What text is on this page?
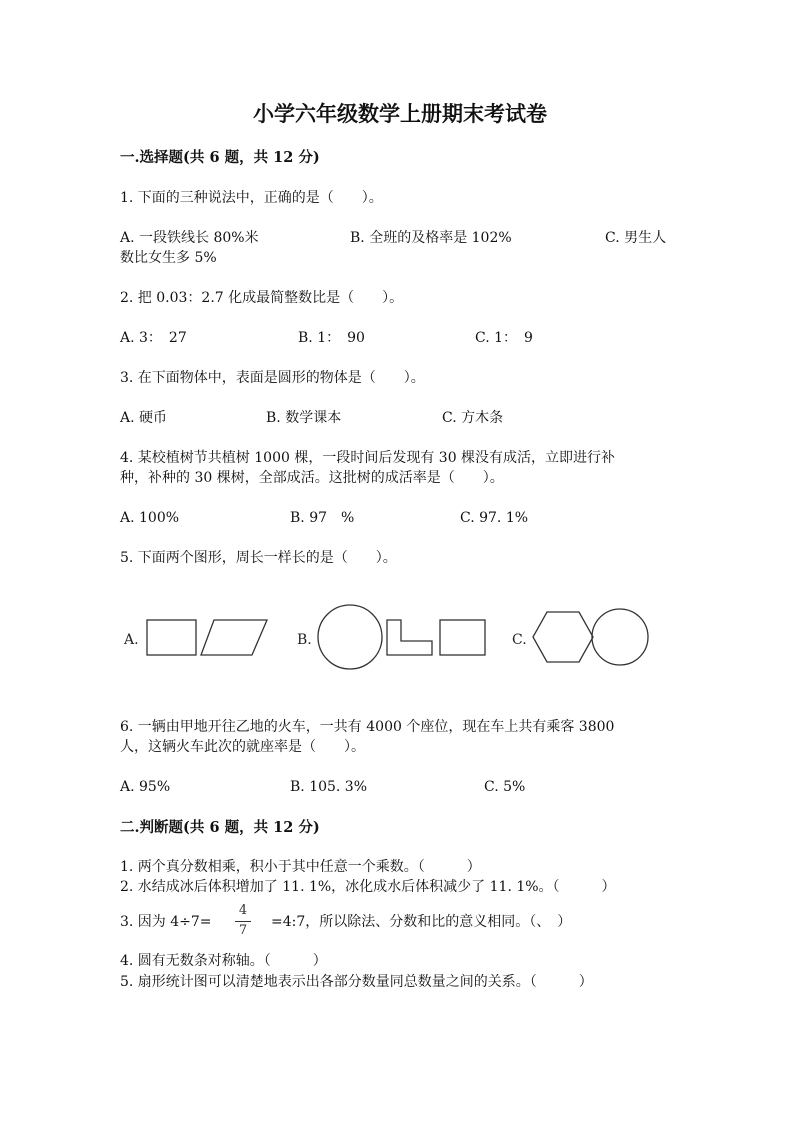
小学六年级数学上册期末考试卷
一.选择题(共 6 题，共 12 分)
1. 下面的三种说法中，正确的是（　　）。
A. 一段铁线长 80%米	B. 全班的及格率是 102%	C. 男生人
数比女生多 5%
2. 把 0.03：2.7 化成最简整数比是（　　）。
A. 3：　27	B. 1：　90	C. 1：　9
3. 在下面物体中，表面是圆形的物体是（　　）。
A. 硬币	B. 数学课本	C. 方木条
4. 某校植树节共植树 1000 棵，一段时间后发现有 30 棵没有成活，立即进行补
种，补种的 30 棵树，全部成活。这批树的成活率是（　　）。
A. 100%	B. 97　%	C. 97. 1%
5. 下面两个图形，周长一样长的是（　　）。
A.	B.	C.
6. 一辆由甲地开往乙地的火车，一共有 4000 个座位，现在车上共有乘客 3800
人，这辆火车此次的就座率是（　　）。
A. 95%	B. 105. 3%	C. 5%
二.判断题(共 6 题，共 12 分)
1. 两个真分数相乘，积小于其中任意一个乘数。（　　　）
2. 水结成冰后体积增加了 11. 1%，冰化成水后体积减少了 11. 1%。（　　　）
3. 因为 4÷7=
4
7
=4:7，所以除法、分数和比的意义相同。（、　）
4. 圆有无数条对称轴。（　　　）
5. 扇形统计图可以清楚地表示出各部分数量同总数量之间的关系。（　　　）
